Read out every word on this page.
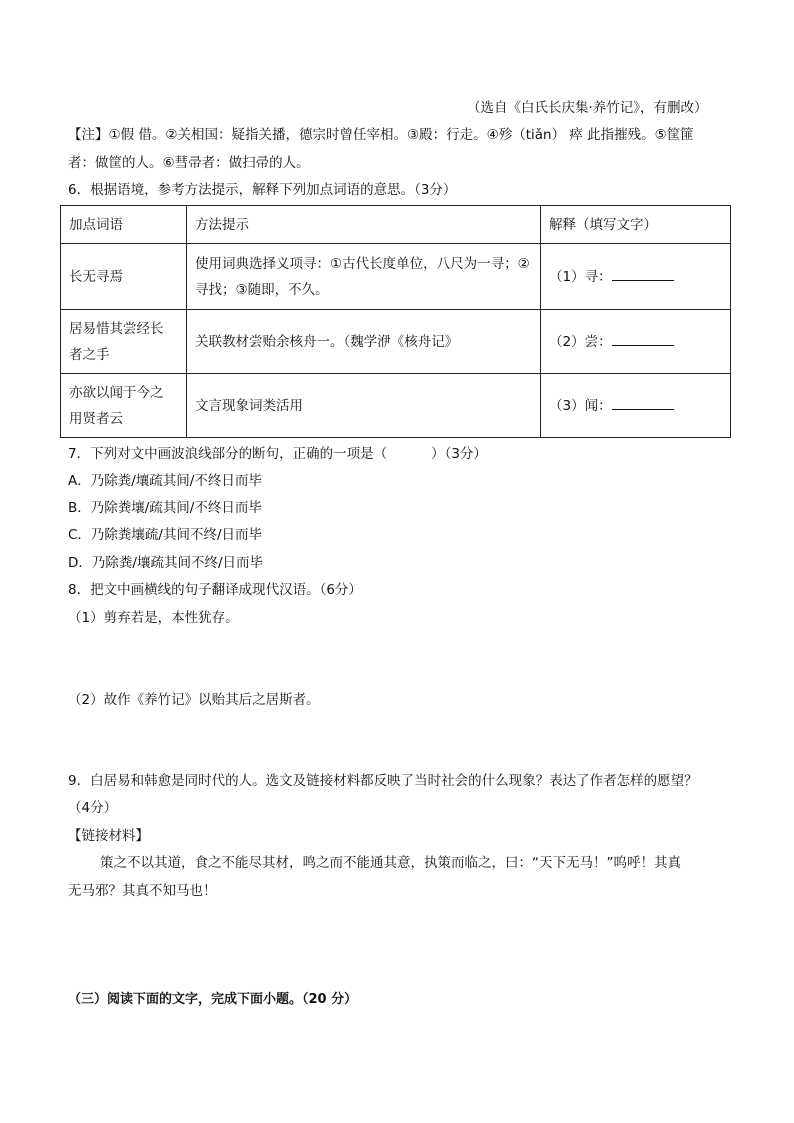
（选自《白氏长庆集·养竹记》，有删改）
【注】①假 借。②关相国：疑指关播，德宗时曾任宰相。③殿：行走。④殄（tiǎn） 瘁 此指摧残。⑤筐篚
者：做筐的人。⑥彗帚者：做扫帚的人。
6．根据语境，参考方法提示，解释下列加点词语的意思。（3分）
加点词语	方法提示	解释（填写文字）
长无寻焉	使用词典选择义项寻：①古代长度单位，八尺为一寻；②
寻找；③随即，不久。	（1）寻：

居易惜其尝经长
者之手	关联教材尝贻余核舟一。（魏学洢《核舟记》	（2）尝：

亦欲以闻于今之
用贤者云	文言现象词类活用	（3）闻：
7．下列对文中画波浪线部分的断句，正确的一项是（	）（3分）
A．乃除粪/壤疏其间/不终日而毕
B．乃除粪壤/疏其间/不终日而毕
C．乃除粪壤疏/其间不终/日而毕
D．乃除粪/壤疏其间不终/日而毕
8．把文中画横线的句子翻译成现代汉语。（6分）
（1）剪弃若是，本性犹存。
（2）故作《养竹记》以贻其后之居斯者。
9．白居易和韩愈是同时代的人。选文及链接材料都反映了当时社会的什么现象？表达了作者怎样的愿望？
（4分）
【链接材料】
策之不以其道，食之不能尽其材，鸣之而不能通其意，执策而临之，曰：“天下无马！”呜呼！其真
无马邪？其真不知马也！
（三）阅读下面的文字，完成下面小题。（20 分）
